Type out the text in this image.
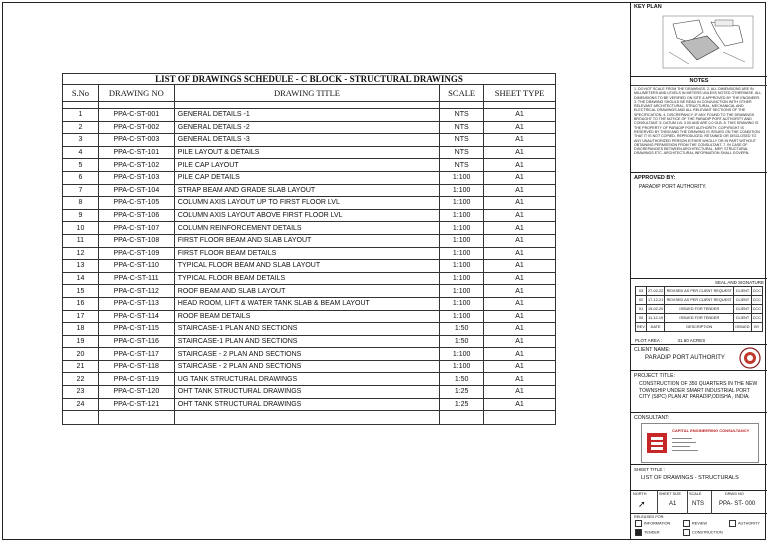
LIST OF DRAWINGS SCHEDULE - C BLOCK - STRUCTURAL DRAWINGS				
S.No	DRAWING NO	DRAWING TITLE	SCALE	SHEET TYPE

1	PPA-C-ST-001	GENERAL DETAILS -1	NTS	A1
2	PPA-C-ST-002	GENERAL DETAILS -2	NTS	A1
3	PPA-C-ST-003	GENERAL DETAILS -3	NTS	A1
4	PPA-C-ST-101	PILE LAYOUT & DETAILS	NTS	A1
5	PPA-C-ST-102	PILE CAP LAYOUT	NTS	A1
6	PPA-C-ST-103	PILE CAP DETAILS	1:100	A1
7	PPA-C-ST-104	STRAP BEAM AND GRADE SLAB LAYOUT	1:100	A1
8	PPA-C-ST-105	COLUMN AXIS LAYOUT UP TO FIRST FLOOR LVL	1:100	A1
9	PPA-C-ST-106	COLUMN AXIS LAYOUT ABOVE FIRST FLOOR LVL	1:100	A1
10	PPA-C-ST-107	COLUMN REINFORCEMENT DETAILS	1:100	A1
11	PPA-C-ST-108	FIRST FLOOR BEAM AND SLAB LAYOUT	1:100	A1
12	PPA-C-ST-109	FIRST FLOOR BEAM DETAILS	1:100	A1
13	PPA-C-ST-110	TYPICAL FLOOR BEAM AND SLAB LAYOUT	1:100	A1
14	PPA-C-ST-111	TYPICAL FLOOR BEAM DETAILS	1:100	A1
15	PPA-C-ST-112	ROOF BEAM AND SLAB LAYOUT	1:100	A1
16	PPA-C-ST-113	HEAD ROOM, LIFT & WATER TANK SLAB & BEAM LAYOUT	1:100	A1
17	PPA-C-ST-114	ROOF BEAM DETAILS	1:100	A1
18	PPA-C-ST-115	STAIRCASE-1 PLAN AND SECTIONS	1:50	A1
19	PPA-C-ST-116	STAIRCASE-1 PLAN AND SECTIONS	1:50	A1
20	PPA-C-ST-117	STAIRCASE - 2 PLAN AND SECTIONS	1:100	A1
21	PPA-C-ST-118	STAIRCASE - 2 PLAN AND SECTIONS	1:100	A1
22	PPA-C-ST-119	UG TANK STRUCTURAL DRAWINGS	1:50	A1
23	PPA-C-ST-120	OHT TANK STRUCTURAL DRAWINGS	1:25	A1
24	PPA-C-ST-121	OHT TANK STRUCTURAL DRAWINGS	1:25	A1

KEY PLAN
NOTES
1. DO NOT SCALE FROM THE DRAWINGS. 2. ALL DIMENSIONS ARE IN MILLIMETERS AND LEVELS IN METERS UNLESS NOTED OTHERWISE. ALL DIMENSIONS TO BE VERIFIED ON SITE & APPROVED BY THE ENGINEER. 3. THE DRAWING SHOULD BE READ IN CONJUNCTION WITH OTHER RELEVANT ARCHITECTURAL, STRUCTURAL, MECHANICAL AND ELECTRICAL DRAWINGS AND ALL RELEVANT SECTIONS OF THE SPECIFICATION. 4. DISCREPANCY, IF ANY FOUND TO THE DRAWINGS BROUGHT TO THE NOTICE OF THE PARADIP PORT AUTHORITY AND CONSULTANT. 5. DATUM LVL 0.00 AND ARE 0.0 GLB. 6. THIS DRAWING IS THE PROPERTY OF PARADIP PORT AUTHORITY. COPYRIGHT IS RESERVED BY THEM AND THE DRAWING IS ISSUED ON THE CONDITION THAT IT IS NOT COPIED, REPRODUCED, RETAINED OR DISCLOSED TO ANY UNAUTHORIZED PERSON EITHER WHOLLY OR IN PART WITHOUT OBTAINING PERMISSION FROM THE CONSULTANT. 7. IN CASE OF DISCREPANCIES BETWEEN ARCHITECTURAL, MEP, STRUCTURAL DRAWINGS ETC. ARCHITECTURAL INFORMATION SHALL GOVERN.
APPROVED BY:
PARADIP PORT AUTHORITY.
SEAL AND SIGNATURE
03	27-02-22	REVISED AS PER CLIENT REQUEST	CLIENT	CCC
02	17-12-21	REVISED AS PER CLIENT REQUEST	CLIENT	CCC
01	19-02-20	ISSUED FOR TENDER	CLIENT	CCC
00	11-12-19	ISSUED FOR TENDER	CLIENT	CCC
REV	DATE	DESCRIPTION	ISSUED	BY
PLOT AREA :	31.60 ACRES
CLIENT NAME:
PARADIP PORT AUTHORITY
PROJECT TITLE:
CONSTRUCTION OF 350 QUARTERS IN THE NEW TOWNSHIP UNDER SMART INDUSTRIAL PORT CITY (SIPC) PLAN AT PARADIP,ODISHA , INDIA.
CONSULTANT:
CAPITAL ENGINEERING CONSULTANCY
SHEET TITLE :
LIST OF DRAWINGS - STRUCTURALS
NORTH
➚
SHEET SIZE
A1
SCALE
NTS
DRWG NO
PPA- ST- 000
RELEASED FOR:
INFORMATION	REVIEW	AUTHORITY
TENDER	CONSTRUCTION
